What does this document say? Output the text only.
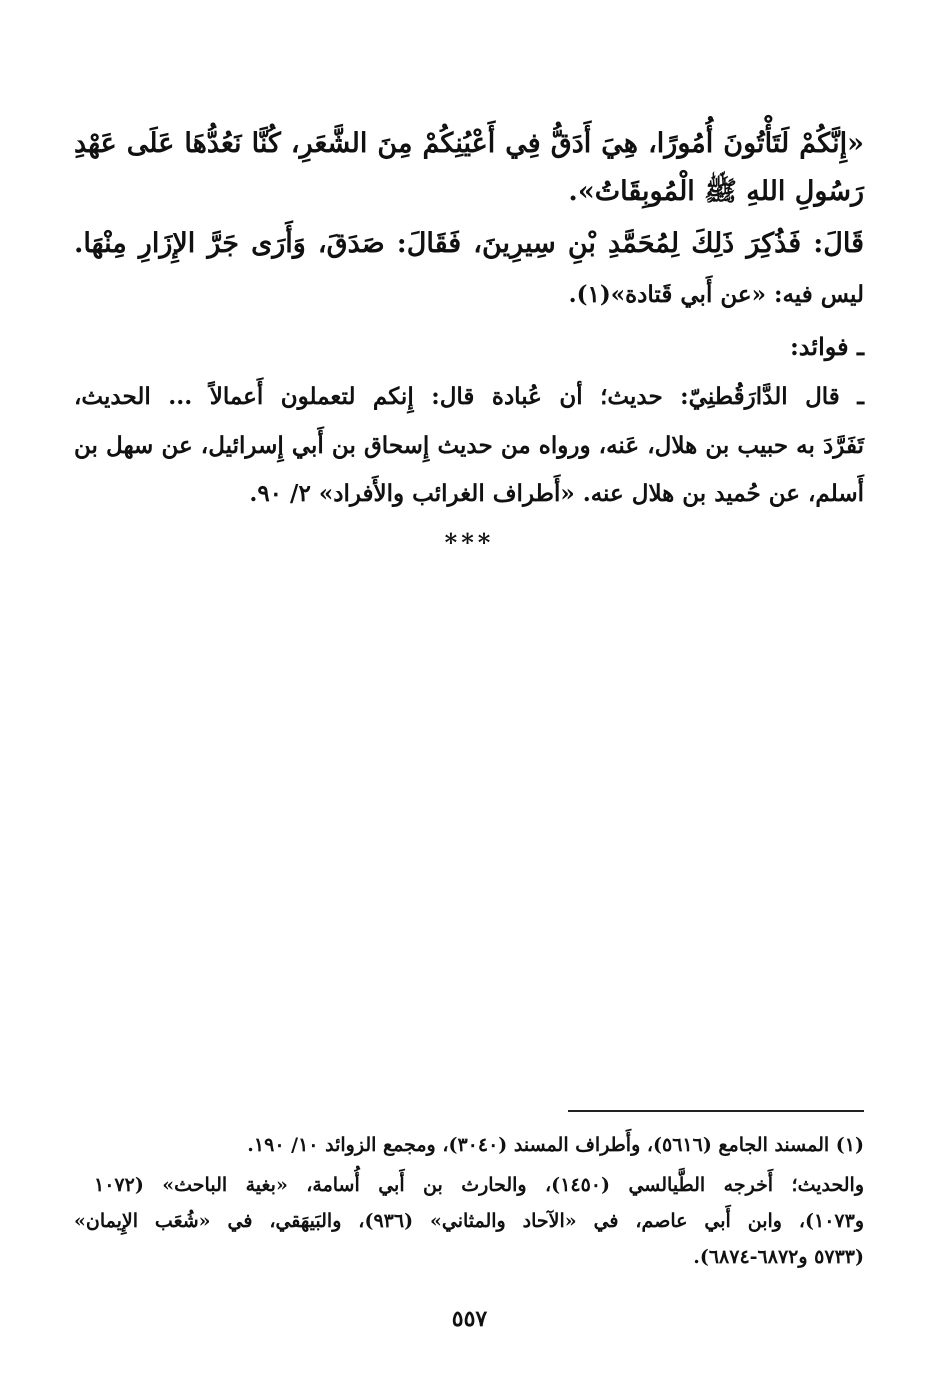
«إِنَّكُمْ لَتَأْتُونَ أُمُورًا، هِيَ أَدَقُّ فِي أَعْيُنِكُمْ مِنَ الشَّعَرِ، كُنَّا نَعُدُّهَا عَلَى عَهْدِ
رَسُولِ اللهِ ﷺ الْمُوبِقَاتُ».
قَالَ: فَذُكِرَ ذَلِكَ لِمُحَمَّدِ بْنِ سِيرِينَ، فَقَالَ: صَدَقَ، وَأَرَى جَرَّ الإِزَارِ مِنْهَا.
ليس فيه: «عن أَبي قَتادة»(١).
ـ فوائد:
ـ قال الدَّارَقُطنِيّ: حديث؛ أن عُبادة قال: إِنكم لتعملون أَعمالاً ... الحديث،
تَفَرَّدَ به حبيب بن هلال، عَنه، ورواه من حديث إِسحاق بن أَبي إِسرائيل، عن سهل بن
أَسلم، عن حُميد بن هلال عنه. «أَطراف الغرائب والأَفراد» ٢/ ٩٠.
***
(١) المسند الجامع (٥٦١٦)، وأَطراف المسند (٣٠٤٠)، ومجمع الزوائد ١٠/ ١٩٠.
والحديث؛ أَخرجه الطَّيالسي (١٤٥٠)، والحارث بن أَبي أُسامة، «بغية الباحث» (١٠٧٢
و١٠٧٣)، وابن أَبي عاصم، في «الآحاد والمثاني» (٩٣٦)، والبَيهَقي، في «شُعَب الإِيمان»
(٥٧٣٣ و٦٨٧٢-٦٨٧٤).
٥٥٧
